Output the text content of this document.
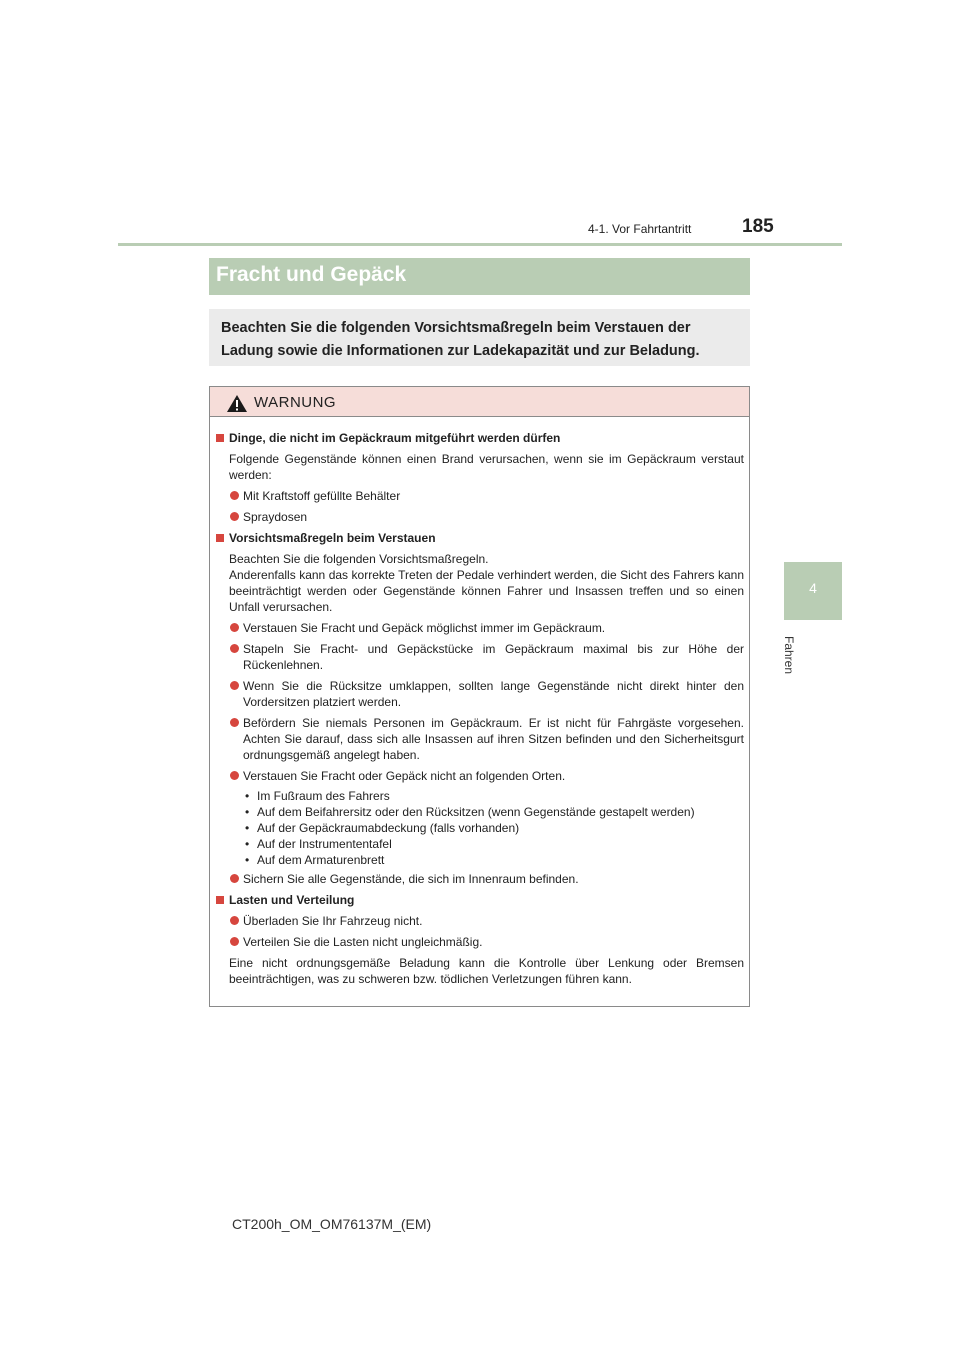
4-1. Vor Fahrtantritt	185
4
Fahren
Fracht und Gepäck
Beachten Sie die folgenden Vorsichtsmaßregeln beim Verstauen der Ladung sowie die Informationen zur Ladekapazität und zur Beladung.
WARNUNG
Dinge, die nicht im Gepäckraum mitgeführt werden dürfen
Folgende Gegenstände können einen Brand verursachen, wenn sie im Gepäckraum verstaut werden:
Mit Kraftstoff gefüllte Behälter
Spraydosen
Vorsichtsmaßregeln beim Verstauen
Beachten Sie die folgenden Vorsichtsmaßregeln.
Anderenfalls kann das korrekte Treten der Pedale verhindert werden, die Sicht des Fahrers kann beeinträchtigt werden oder Gegenstände können Fahrer und Insassen treffen und so einen Unfall verursachen.
Verstauen Sie Fracht und Gepäck möglichst immer im Gepäckraum.
Stapeln Sie Fracht- und Gepäckstücke im Gepäckraum maximal bis zur Höhe der Rückenlehnen.
Wenn Sie die Rücksitze umklappen, sollten lange Gegenstände nicht direkt hinter den Vordersitzen platziert werden.
Befördern Sie niemals Personen im Gepäckraum. Er ist nicht für Fahrgäste vorgesehen. Achten Sie darauf, dass sich alle Insassen auf ihren Sitzen befinden und den Sicherheitsgurt ordnungsgemäß angelegt haben.
Verstauen Sie Fracht oder Gepäck nicht an folgenden Orten.
• Im Fußraum des Fahrers
• Auf dem Beifahrersitz oder den Rücksitzen (wenn Gegenstände gestapelt werden)
• Auf der Gepäckraumabdeckung (falls vorhanden)
• Auf der Instrumententafel
• Auf dem Armaturenbrett
Sichern Sie alle Gegenstände, die sich im Innenraum befinden.
Lasten und Verteilung
Überladen Sie Ihr Fahrzeug nicht.
Verteilen Sie die Lasten nicht ungleichmäßig.
Eine nicht ordnungsgemäße Beladung kann die Kontrolle über Lenkung oder Bremsen beeinträchtigen, was zu schweren bzw. tödlichen Verletzungen führen kann.
CT200h_OM_OM76137M_(EM)
